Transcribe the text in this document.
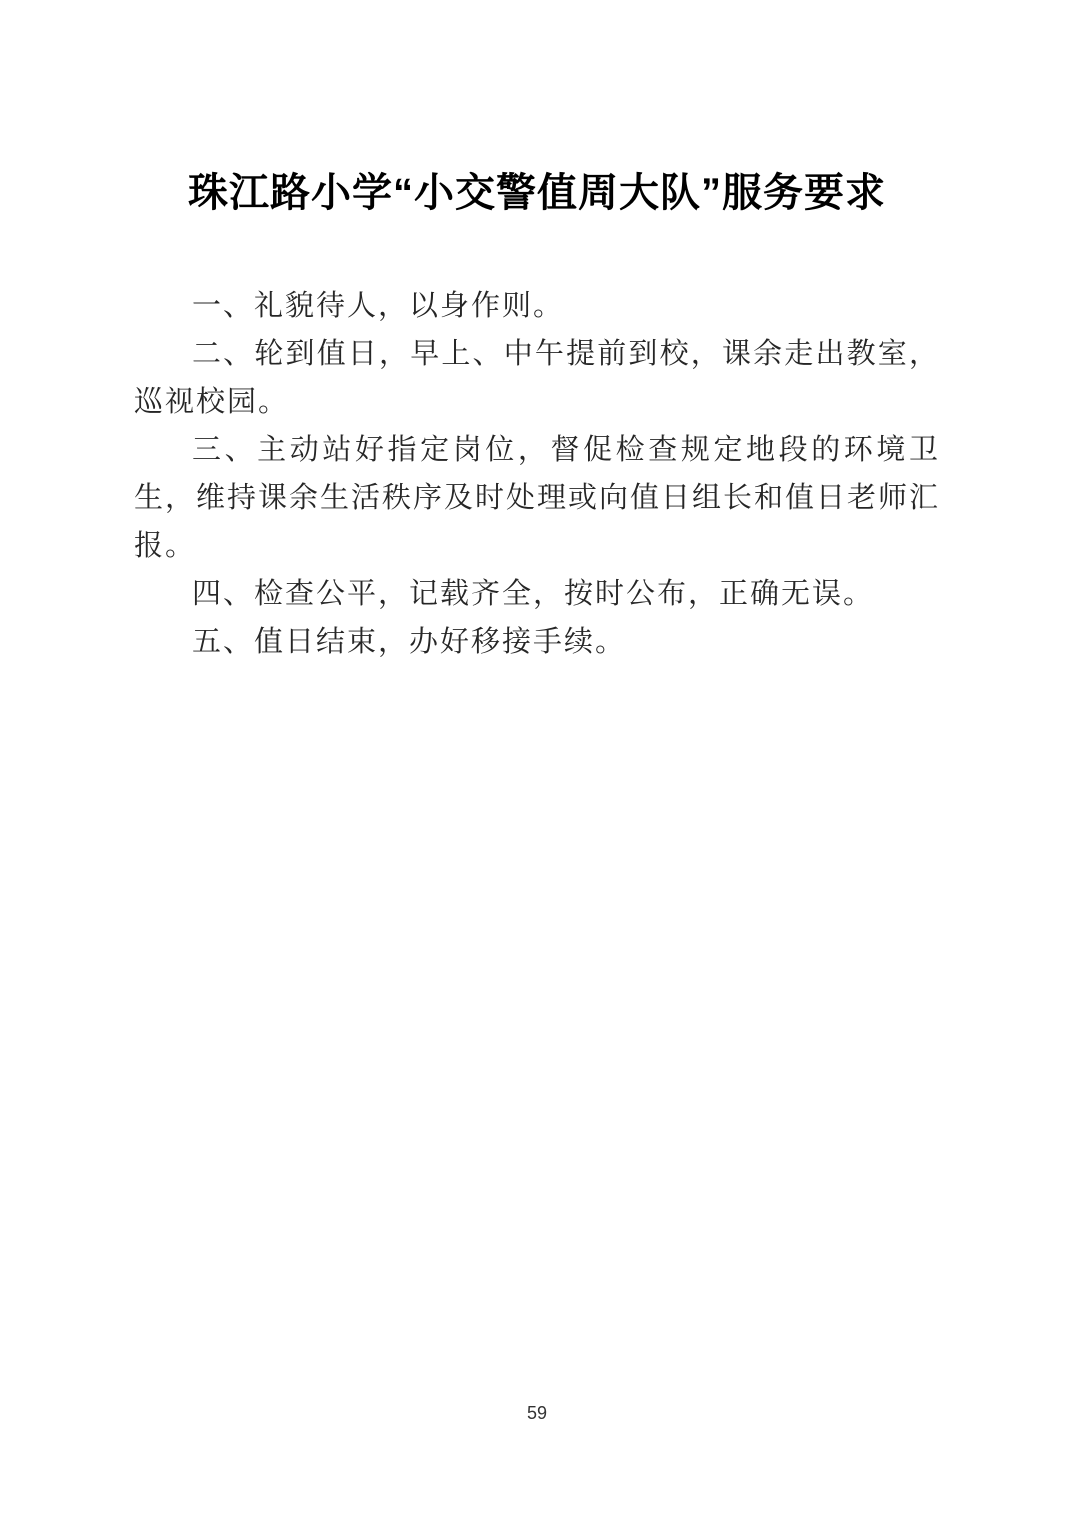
珠江路小学“小交警值周大队”服务要求

一、礼貌待人，以身作则。

二、轮到值日，早上、中午提前到校，课余走出教室，巡视校园。

三、主动站好指定岗位，督促检查规定地段的环境卫生，维持课余生活秩序及时处理或向值日组长和值日老师汇报。

四、检查公平，记载齐全，按时公布，正确无误。

五、值日结束，办好移接手续。

59
